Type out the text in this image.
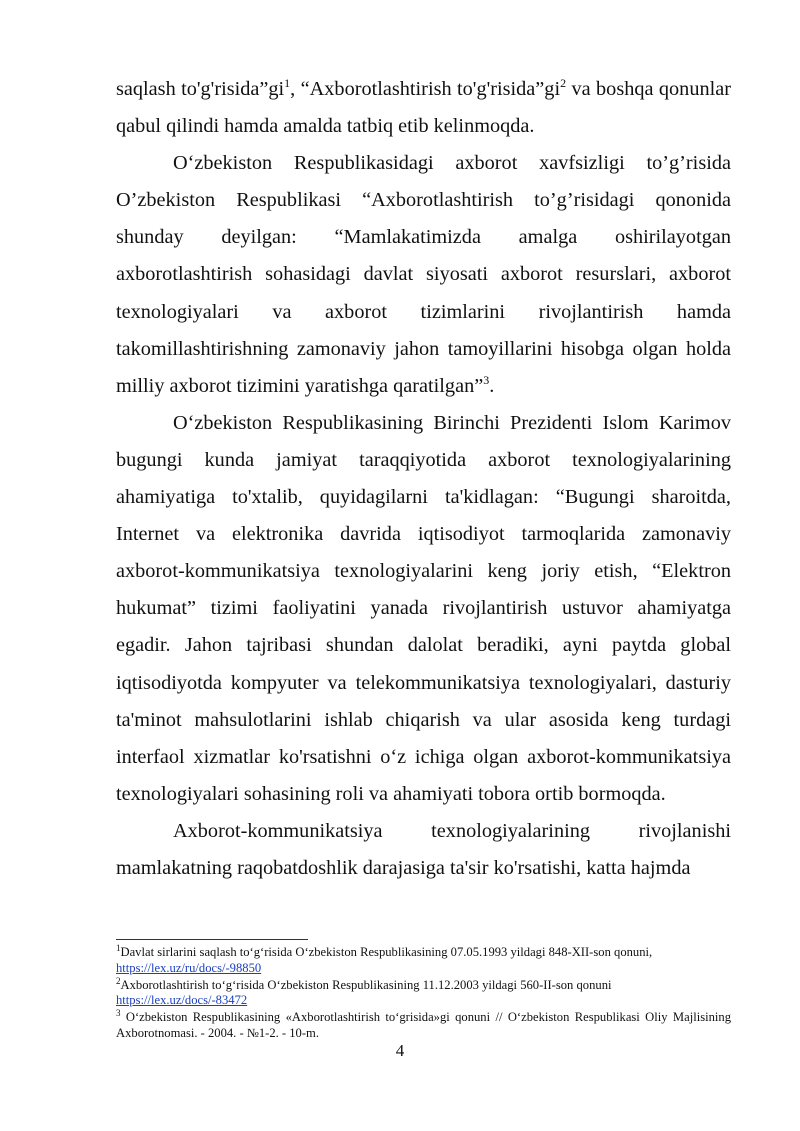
saqlash $to'g'risida”gi^1$, “Axborotlashtirish $to'g'risida”gi^2$ va boshqa qonunlar qabul qilindi hamda amalda tatbiq etib kelinmoqda.

O‘zbekiston Respublikasidagi axborot xavfsizligi to’g’risida O’zbekiston Respublikasi “Axborotlashtirish to’g’risidagi qononida shunday deyilgan: “Mamlakatimizda amalga oshirilayotgan axborotlashtirish sohasidagi davlat siyosati axborot resurslari, axborot texnologiyalari va axborot tizimlarini rivojlantirish hamda takomillashtirishning zamonaviy jahon tamoyillarini hisobga olgan holda milliy axborot tizimini yaratishga qaratilgan”$^3$.

O‘zbekiston Respublikasining Birinchi Prezidenti Islom Karimov bugungi kunda jamiyat taraqqiyotida axborot texnologiyalarining ahamiyatiga to'xtalib, quyidagilarni ta'kidlagan: “Bugungi sharoitda, Internet va elektronika davrida iqtisodiyot tarmoqlarida zamonaviy axborot-kommunikatsiya texnologiyalarini keng joriy etish, “Elektron hukumat” tizimi faoliyatini yanada rivojlantirish ustuvor ahamiyatga egadir. Jahon tajribasi shundan dalolat beradiki, ayni paytda global iqtisodiyotda kompyuter va telekommunikatsiya texnologiyalari, dasturiy ta'minot mahsulotlarini ishlab chiqarish va ular asosida keng turdagi interfaol xizmatlar ko'rsatishni o‘z ichiga olgan axborot-kommunikatsiya texnologiyalari sohasining roli va ahamiyati tobora ortib bormoqda.

Axborot-kommunikatsiya texnologiyalarining rivojlanishi mamlakatning raqobatdoshlik darajasiga ta'sir ko'rsatishi, katta hajmda

$^1$Davlat sirlarini saqlash to‘g‘risida O‘zbekiston Respublikasining 07.05.1993 yildagi 848-XII-son qonuni,
https://lex.uz/ru/docs/-98850
$^2$Axborotlashtirish to‘g‘risida O‘zbekiston Respublikasining 11.12.2003 yildagi 560-II-son qonuni
https://lex.uz/docs/-83472
$^3$ O‘zbekiston Respublikasining «Axborotlashtirish to‘grisida»gi qonuni // O‘zbekiston Respublikasi Oliy Majlisining Axborotnomasi. - 2004. - №1-2. - 10-m.
4
